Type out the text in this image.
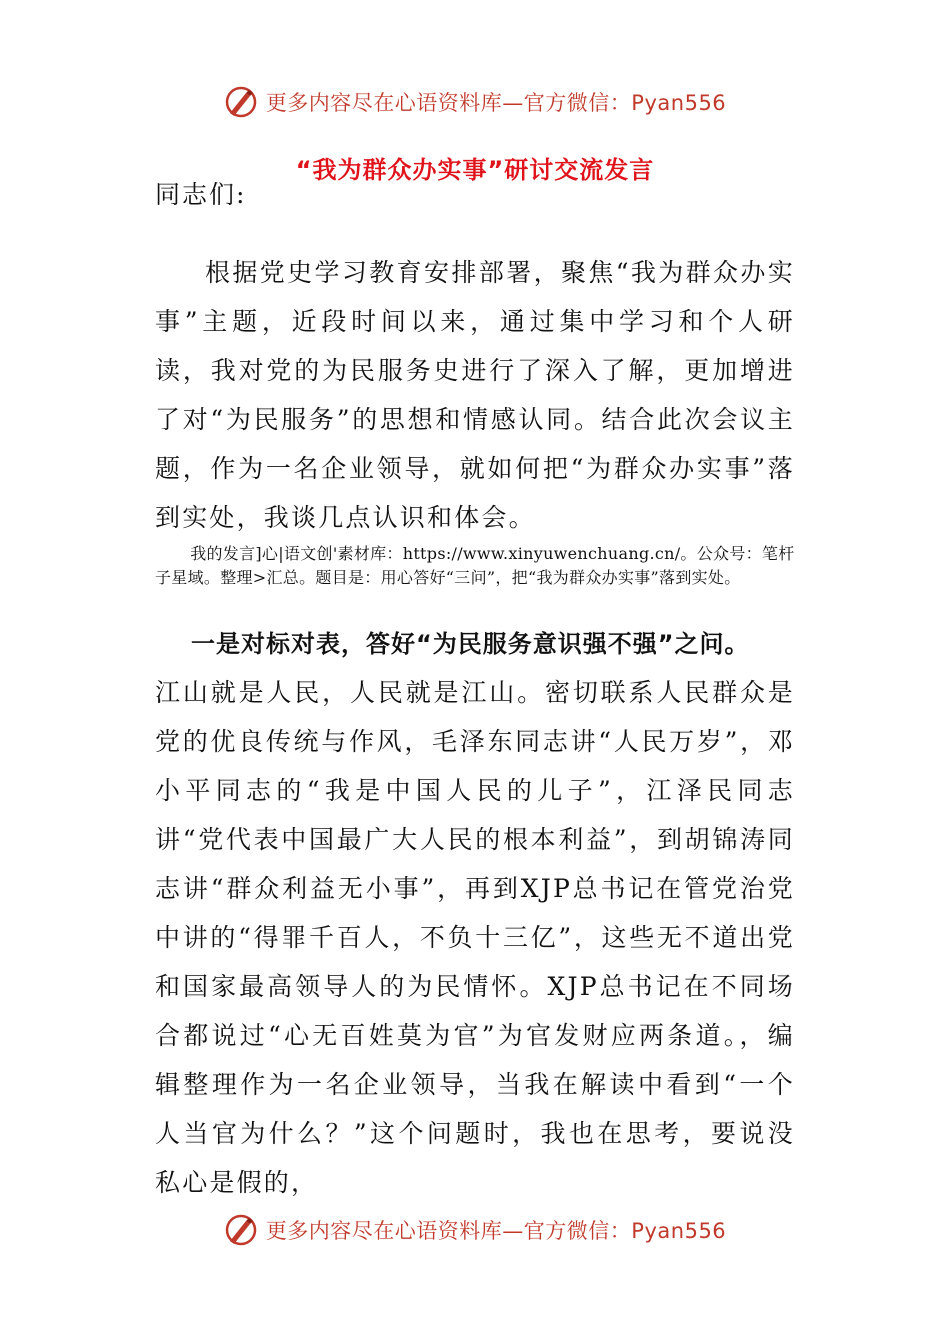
更多内容尽在心语资料库—官方微信：Pyan556
“我为群众办实事”研讨交流发言
同志们:
根据党史学习教育安排部署，聚焦“我为群众办实事”主题，近段时间以来，通过集中学习和个人研读，我对党的为民服务史进行了深入了解，更加增进了对“为民服务”的思想和情感认同。结合此次会议主题，作为一名企业领导，就如何把“为群众办实事”落到实处，我谈几点认识和体会。
我的发言]心|语文创'素材库：https://www.xinyuwenchuang.cn/。公众号：笔杆子星域。整理>汇总。题目是：用心答好“三问”，把“我为群众办实事”落到实处。
一是对标对表，答好“为民服务意识强不强”之问。
江山就是人民，人民就是江山。密切联系人民群众是党的优良传统与作风，毛泽东同志讲“人民万岁”，邓小平同志的“我是中国人民的儿子”，江泽民同志讲“党代表中国最广大人民的根本利益”，到胡锦涛同志讲“群众利益无小事”，再到XJP总书记在管党治党中讲的“得罪千百人，不负十三亿”，这些无不道出党和国家最高领导人的为民情怀。XJP总书记在不同场合都说过“心无百姓莫为官”为官发财应两条道。，编辑整理作为一名企业领导，当我在解读中看到“一个人当官为什么？”这个问题时，我也在思考，要说没私心是假的，
更多内容尽在心语资料库—官方微信：Pyan556
